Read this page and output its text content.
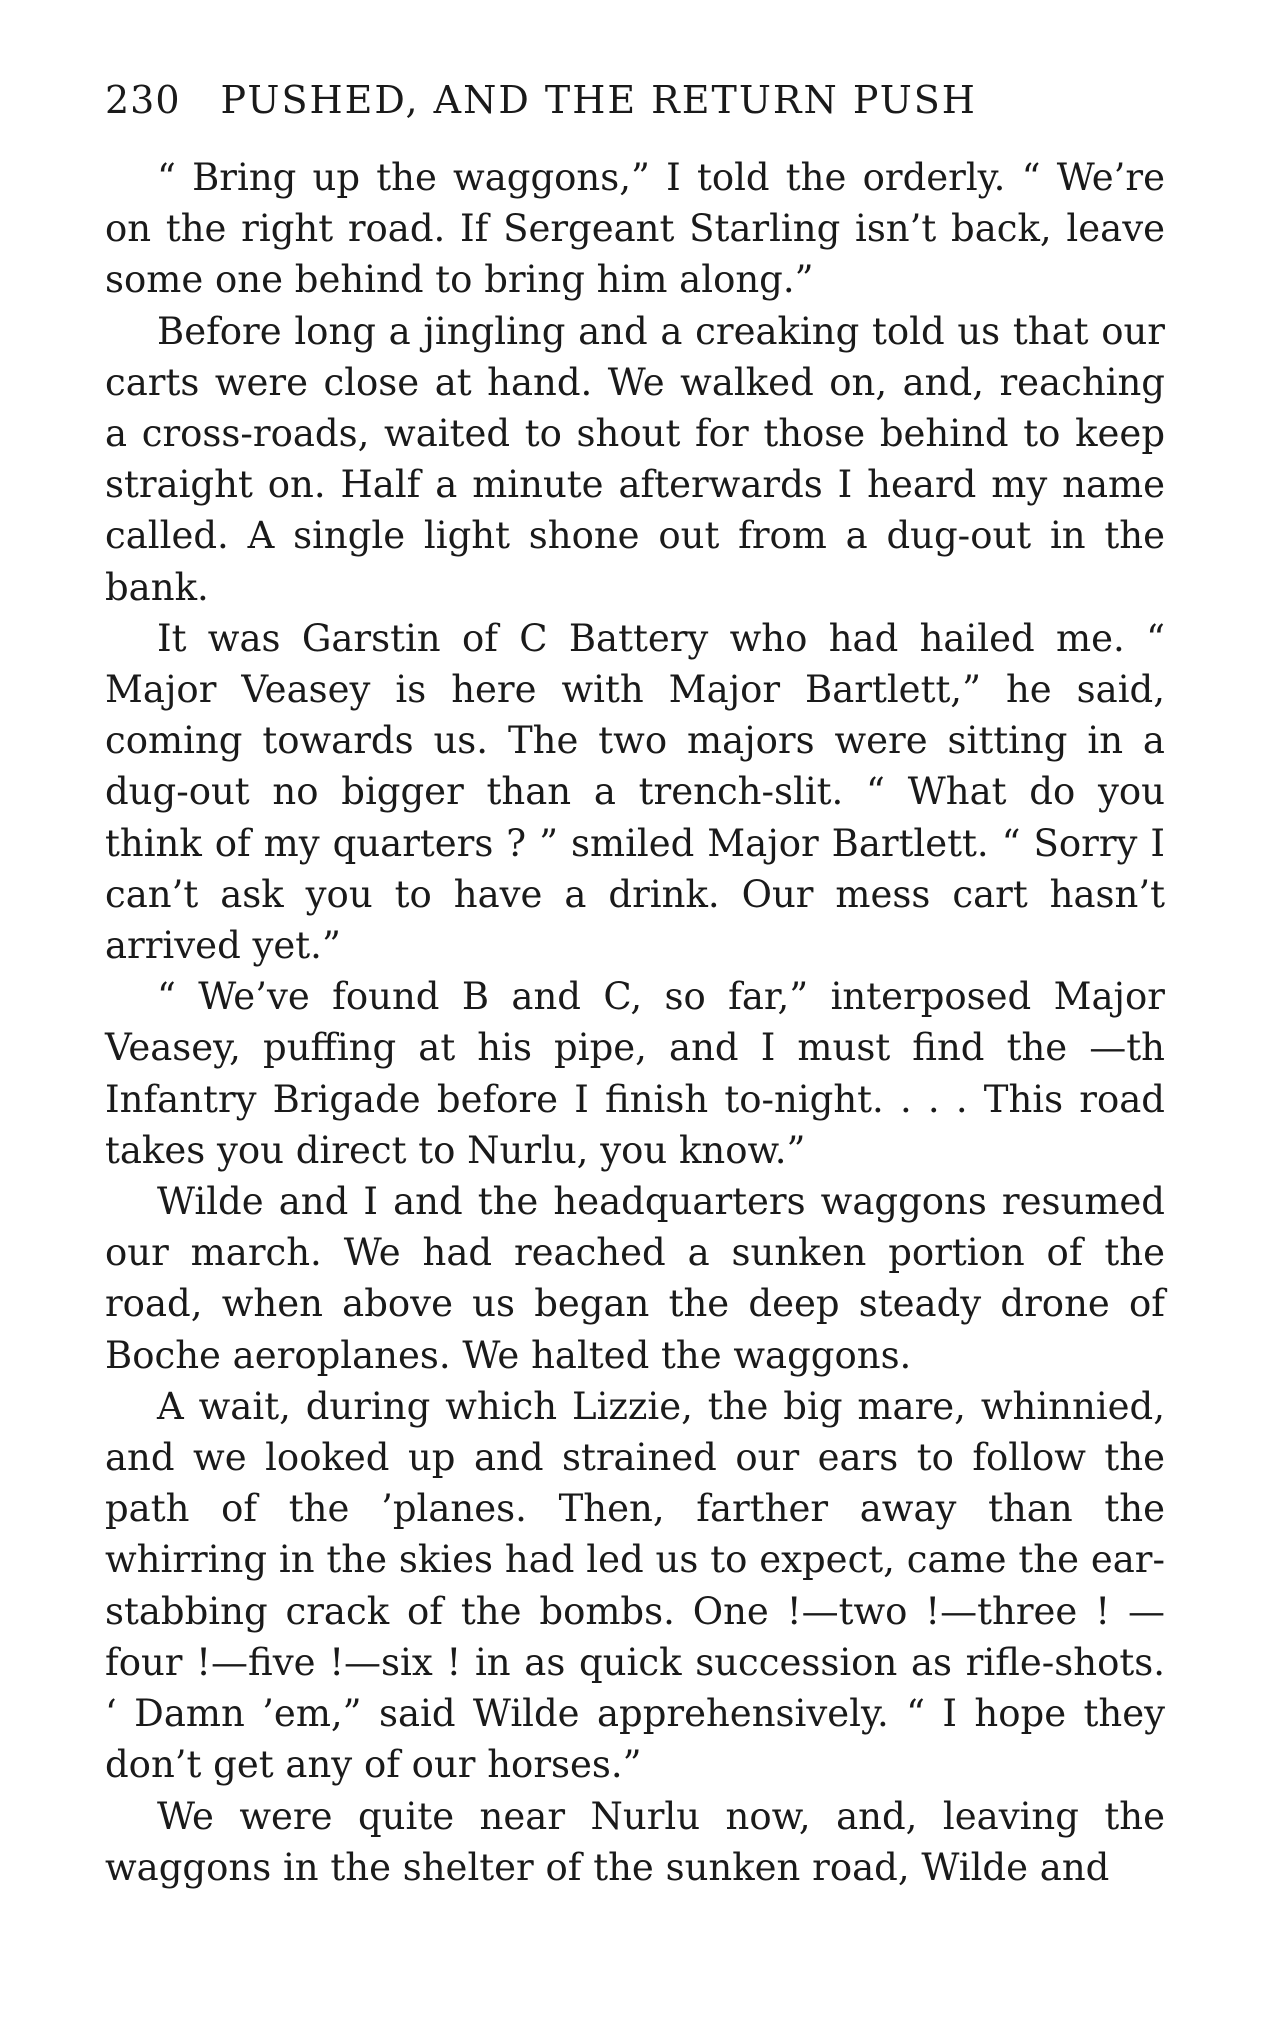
230 PUSHED, AND THE RETURN PUSH

“ Bring up the waggons,” I told the orderly. “ We’re on the right road. If Sergeant Starling isn’t back, leave some one behind to bring him along.”

Before long a jingling and a creaking told us that our carts were close at hand. We walked on, and, reaching a cross-roads, waited to shout for those behind to keep straight on. Half a minute afterwards I heard my name called. A single light shone out from a dug-out in the bank.

It was Garstin of C Battery who had hailed me. “ Major Veasey is here with Major Bartlett,” he said, coming towards us. The two majors were sitting in a dug-out no bigger than a trench-slit. “ What do you think of my quarters ? ” smiled Major Bartlett. “ Sorry I can’t ask you to have a drink. Our mess cart hasn’t arrived yet.”

“ We’ve found B and C, so far,” interposed Major Veasey, puffing at his pipe, and I must find the —th Infantry Brigade before I finish to-night. . . . This road takes you direct to Nurlu, you know.”

Wilde and I and the headquarters waggons resumed our march. We had reached a sunken portion of the road, when above us began the deep steady drone of Boche aeroplanes. We halted the waggons.

A wait, during which Lizzie, the big mare, whinnied, and we looked up and strained our ears to follow the path of the ’planes. Then, farther away than the whirring in the skies had led us to expect, came the ear-stabbing crack of the bombs. One !—two !—three ! —four !—five !—six ! in as quick succession as rifle-shots. ‘ Damn ’em,” said Wilde apprehensively. “ I hope they don’t get any of our horses.”

We were quite near Nurlu now, and, leaving the waggons in the shelter of the sunken road, Wilde and
